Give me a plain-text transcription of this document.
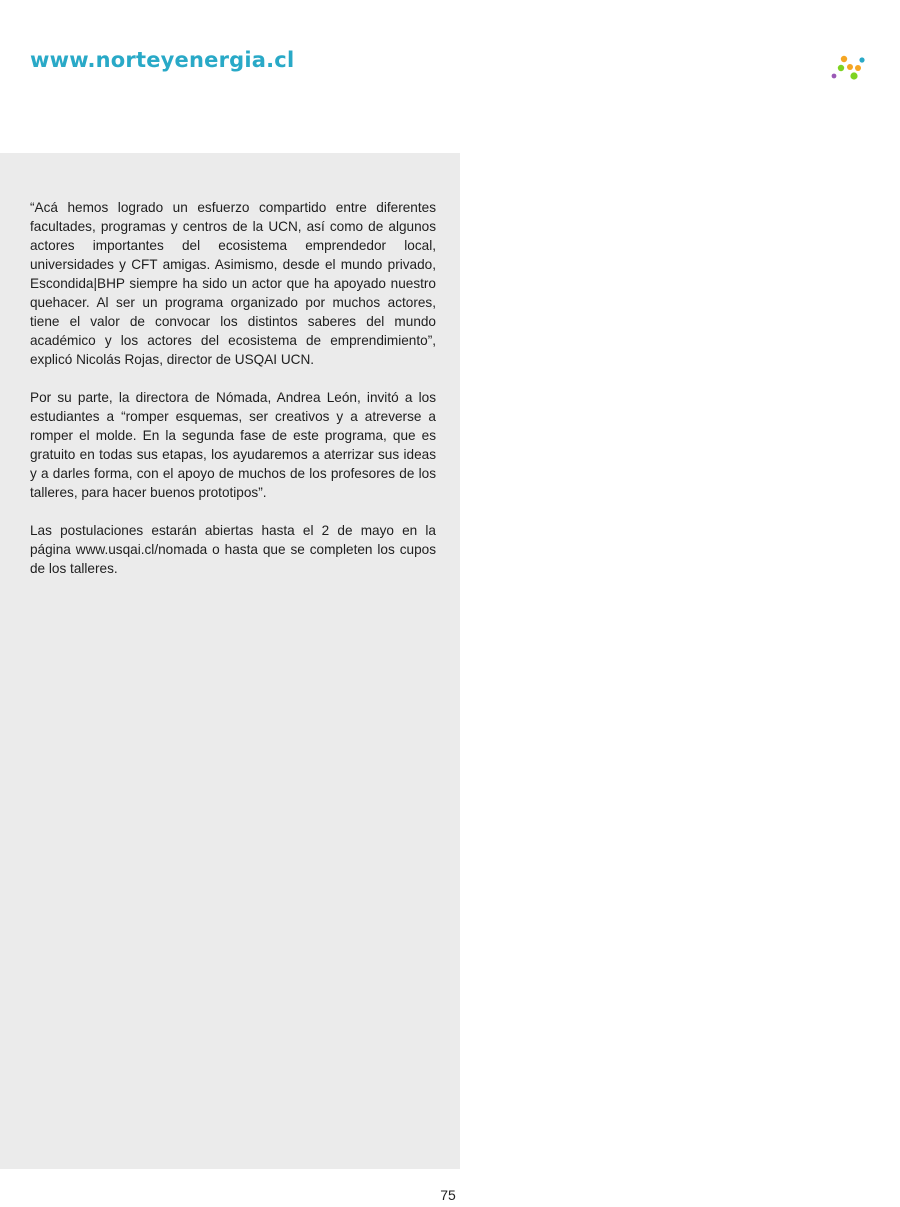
www.norteyenergia.cl

“Acá hemos logrado un esfuerzo compartido entre diferentes facultades, programas y centros de la UCN, así como de algunos actores importantes del ecosistema emprendedor local, universidades y CFT amigas. Asimismo, desde el mundo privado, Escondida|BHP siempre ha sido un actor que ha apoyado nuestro quehacer. Al ser un programa organizado por muchos actores, tiene el valor de convocar los distintos saberes del mundo académico y los actores del ecosistema de emprendimiento”, explicó Nicolás Rojas, director de USQAI UCN.

Por su parte, la directora de Nómada, Andrea León, invitó a los estudiantes a “romper esquemas, ser creativos y a atreverse a romper el molde. En la segunda fase de este programa, que es gratuito en todas sus etapas, los ayudaremos a aterrizar sus ideas y a darles forma, con el apoyo de muchos de los profesores de los talleres, para hacer buenos prototipos”.

Las postulaciones estarán abiertas hasta el 2 de mayo en la página www.usqai.cl/nomada o hasta que se completen los cupos de los talleres.

75
